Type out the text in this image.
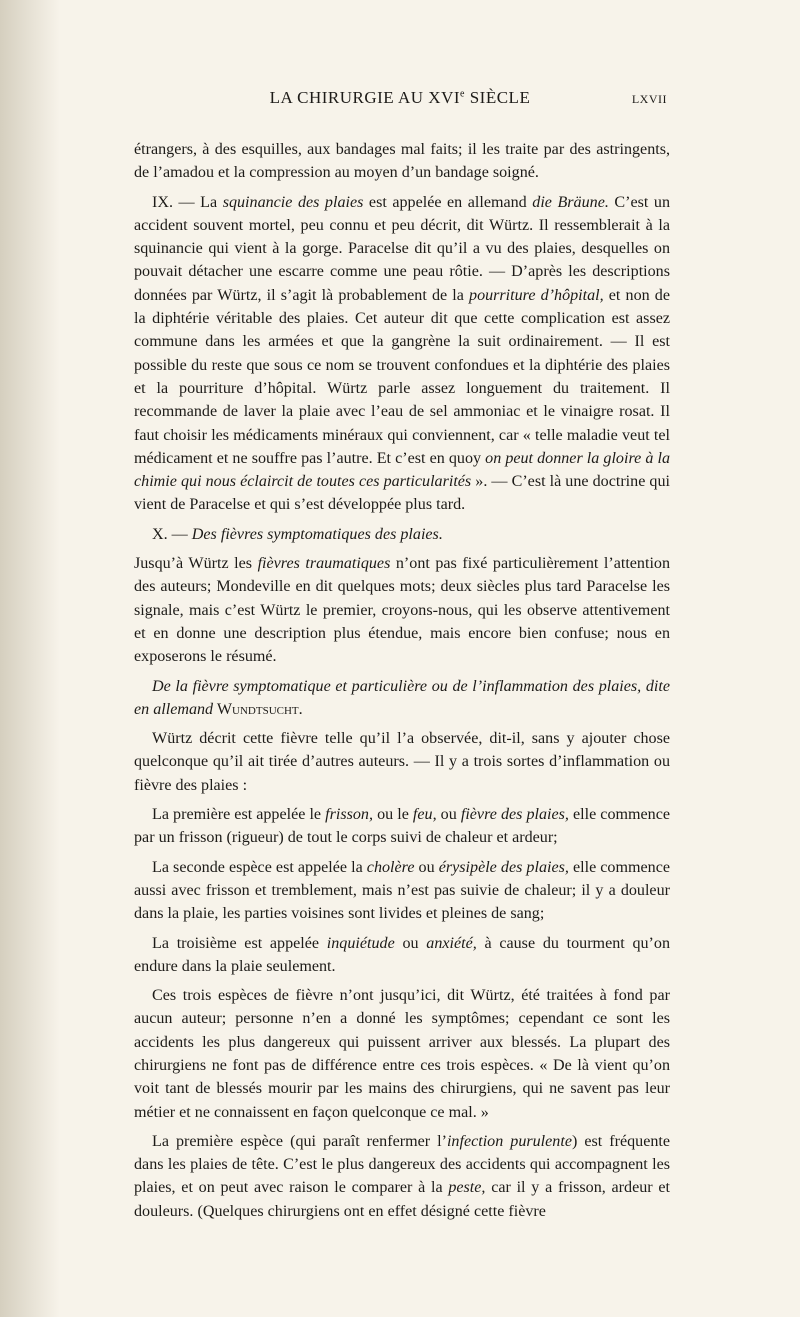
LA CHIRURGIE AU XVIe SIÈCLE	LXVII

étrangers, à des esquilles, aux bandages mal faits; il les traite par des astringents, de l’amadou et la compression au moyen d’un bandage soigné.

IX. — La squinancie des plaies est appelée en allemand die Bräune. C’est un accident souvent mortel, peu connu et peu décrit, dit Würtz. Il ressemblerait à la squinancie qui vient à la gorge. Paracelse dit qu’il a vu des plaies, desquelles on pouvait détacher une escarre comme une peau rôtie. — D’après les descriptions données par Würtz, il s’agit là probablement de la pourriture d’hôpital, et non de la diphtérie véritable des plaies. Cet auteur dit que cette complication est assez commune dans les armées et que la gangrène la suit ordinairement. — Il est possible du reste que sous ce nom se trouvent confondues et la diphtérie des plaies et la pourriture d’hôpital. Würtz parle assez longuement du traitement. Il recommande de laver la plaie avec l’eau de sel ammoniac et le vinaigre rosat. Il faut choisir les médicaments minéraux qui conviennent, car « telle maladie veut tel médicament et ne souffre pas l’autre. Et c’est en quoy on peut donner la gloire à la chimie qui nous éclaircit de toutes ces particularités ». — C’est là une doctrine qui vient de Paracelse et qui s’est développée plus tard.

X. — Des fièvres symptomatiques des plaies.

Jusqu’à Würtz les fièvres traumatiques n’ont pas fixé particulièrement l’attention des auteurs; Mondeville en dit quelques mots; deux siècles plus tard Paracelse les signale, mais c’est Würtz le premier, croyons-nous, qui les observe attentivement et en donne une description plus étendue, mais encore bien confuse; nous en exposerons le résumé.

De la fièvre symptomatique et particulière ou de l’inflammation des plaies, dite en allemand Wundtsucht.

Würtz décrit cette fièvre telle qu’il l’a observée, dit-il, sans y ajouter chose quelconque qu’il ait tirée d’autres auteurs. — Il y a trois sortes d’inflammation ou fièvre des plaies :

La première est appelée le frisson, ou le feu, ou fièvre des plaies, elle commence par un frisson (rigueur) de tout le corps suivi de chaleur et ardeur;

La seconde espèce est appelée la cholère ou érysipèle des plaies, elle commence aussi avec frisson et tremblement, mais n’est pas suivie de chaleur; il y a douleur dans la plaie, les parties voisines sont livides et pleines de sang;

La troisième est appelée inquiétude ou anxiété, à cause du tourment qu’on endure dans la plaie seulement.

Ces trois espèces de fièvre n’ont jusqu’ici, dit Würtz, été traitées à fond par aucun auteur; personne n’en a donné les symptômes; cependant ce sont les accidents les plus dangereux qui puissent arriver aux blessés. La plupart des chirurgiens ne font pas de différence entre ces trois espèces. « De là vient qu’on voit tant de blessés mourir par les mains des chirurgiens, qui ne savent pas leur métier et ne connaissent en façon quelconque ce mal. »

La première espèce (qui paraît renfermer l’infection purulente) est fréquente dans les plaies de tête. C’est le plus dangereux des accidents qui accompagnent les plaies, et on peut avec raison le comparer à la peste, car il y a frisson, ardeur et douleurs. (Quelques chirurgiens ont en effet désigné cette fièvre
